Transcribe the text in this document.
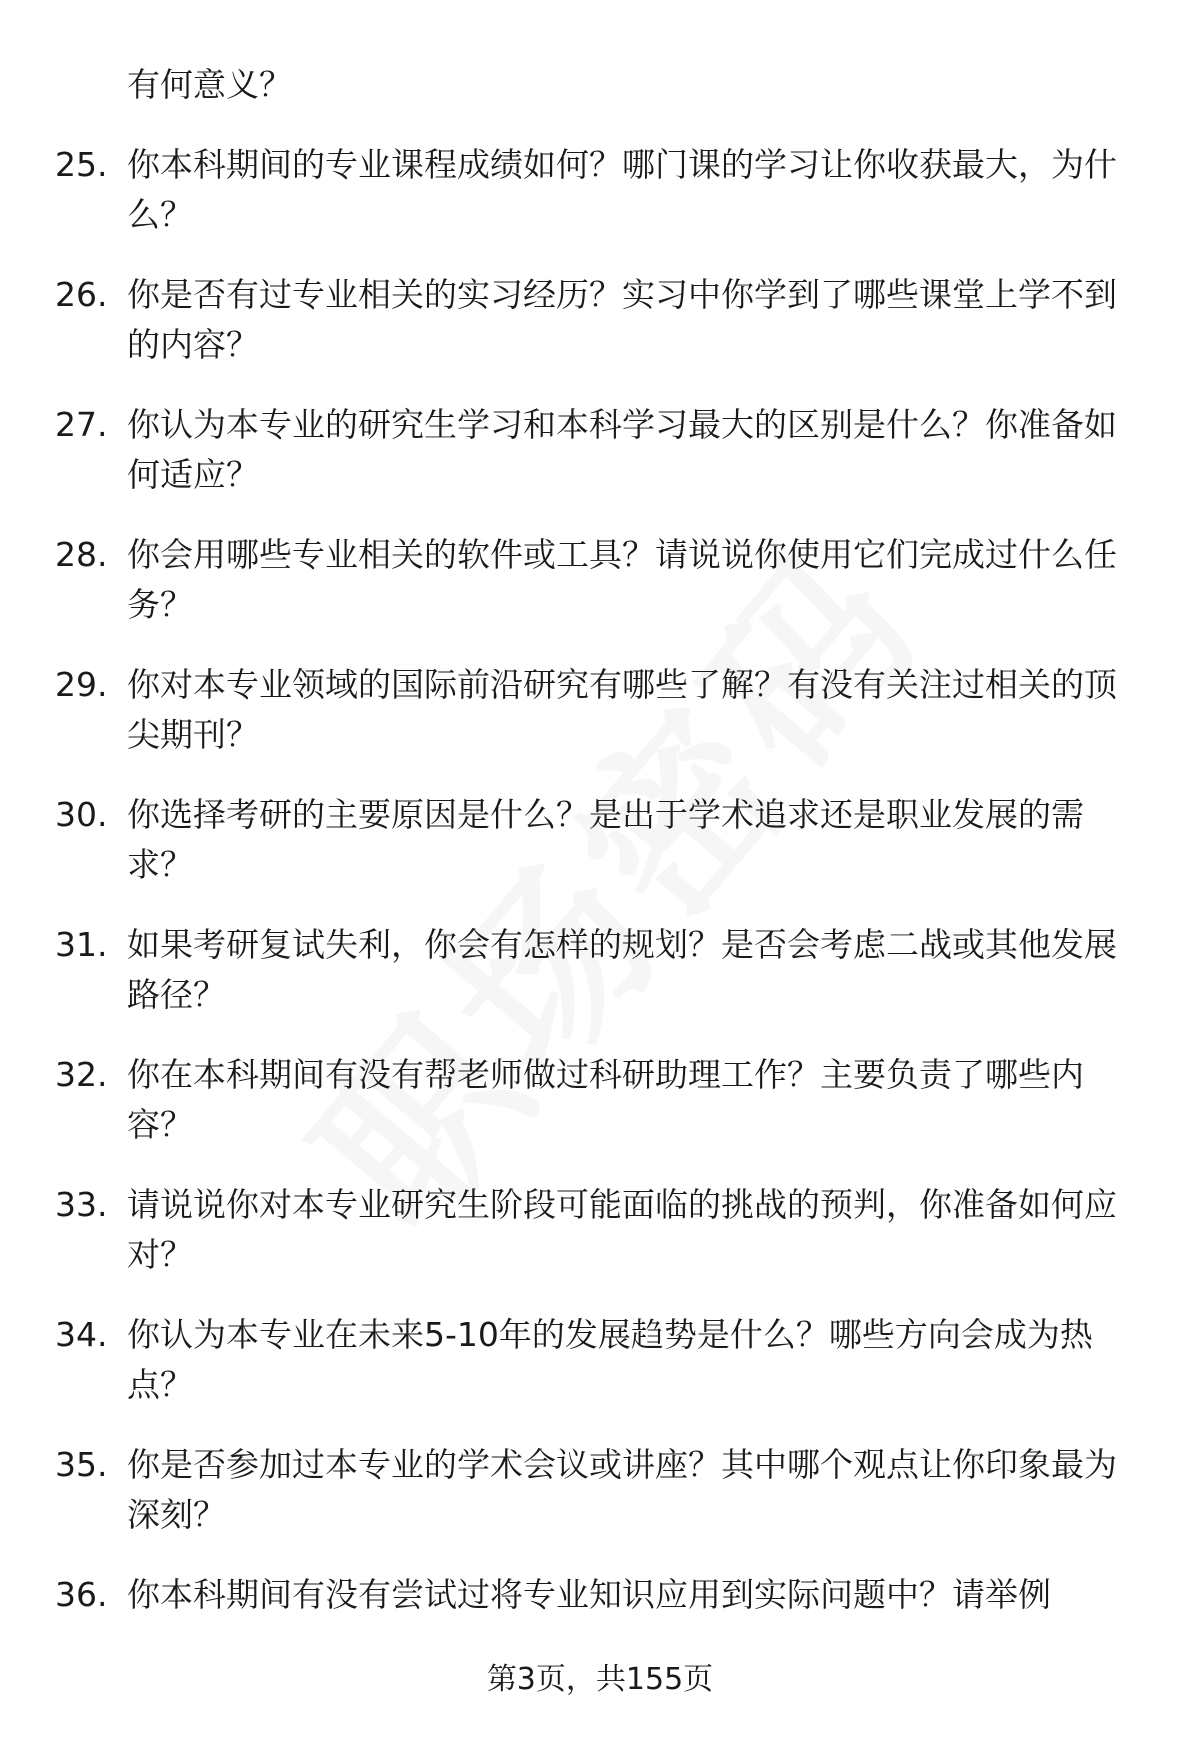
有何意义？
25. 你本科期间的专业课程成绩如何？哪门课的学习让你收获最大，为什么？
26. 你是否有过专业相关的实习经历？实习中你学到了哪些课堂上学不到的内容？
27. 你认为本专业的研究生学习和本科学习最大的区别是什么？你准备如何适应？
28. 你会用哪些专业相关的软件或工具？请说说你使用它们完成过什么任务？
29. 你对本专业领域的国际前沿研究有哪些了解？有没有关注过相关的顶尖期刊？
30. 你选择考研的主要原因是什么？是出于学术追求还是职业发展的需求？
31. 如果考研复试失利，你会有怎样的规划？是否会考虑二战或其他发展路径？
32. 你在本科期间有没有帮老师做过科研助理工作？主要负责了哪些内容？
33. 请说说你对本专业研究生阶段可能面临的挑战的预判，你准备如何应对？
34. 你认为本专业在未来5-10年的发展趋势是什么？哪些方向会成为热点？
35. 你是否参加过本专业的学术会议或讲座？其中哪个观点让你印象最为深刻？
36. 你本科期间有没有尝试过将专业知识应用到实际问题中？请举例
第3页，共155页
